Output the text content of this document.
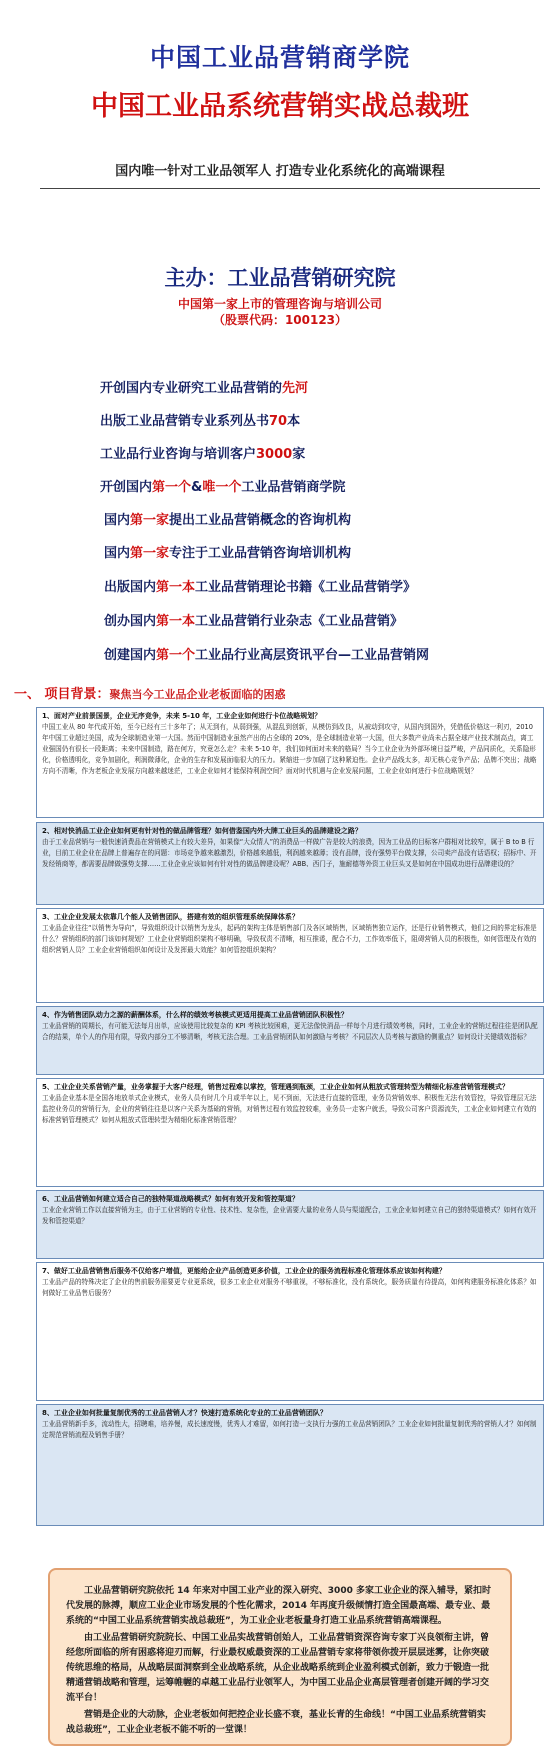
中国工业品营销商学院
中国工业品系统营销实战总裁班
国内唯一针对工业品领军人 打造专业化系统化的高端课程
主办：工业品营销研究院
中国第一家上市的管理咨询与培训公司
（股票代码：100123）
开创国内专业研究工业品营销的先河
出版工业品营销专业系列丛书70本
工业品行业咨询与培训客户3000家
开创国内第一个&唯一个工业品营销商学院
国内第一家提出工业品营销概念的咨询机构
国内第一家专注于工业品营销咨询培训机构
出版国内第一本工业品营销理论书籍《工业品营销学》
创办国内第一本工业品营销行业杂志《工业品营销》
创建国内第一个工业品行业高层资讯平台—工业品营销网
一、 项目背景：聚焦当今工业品企业老板面临的困惑
1、面对产业前景国景，企业无序竞争，未来 5-10 年，工业企业如何进行卡位战略规划？
中国工业从 80 年代成开始，至今已经有三十多年了；从无到有，从弱到强，从混乱到创新，从模仿到改良，从被动到攻守，从国内到国外，凭借低价格这一利刃，2010 年中国工业超过美国，成为全球制造业第一大国。然而中国制造业虽然产出的占全球的 20%，是全球制造业第一大国，但大多数产业尚未占据全球产业技术制高点，离工业强国仍有很长一段距离；未来中国制造，路在何方，究竟怎么走？未来 5-10 年，我们如何面对未来的格局？当今工业企业为外部环境日益严峻，产品同质化，关系隐形化，价格透明化，竞争加剧化，利润微薄化，企业的生存和发展面临很大的压力。紧缩进一步加剧了这种紧迫性。企业产品线太多，却无核心竞争产品；品牌不突出；战略方向不清晰，作为老板企业发展方向越来越迷茫，工业企业如何才能保持利润空间？面对时代机遇与企业发展问题，工业企业如何进行卡位战略规划？
2、相对快消品工业企业如何更有针对性的做品牌管理？如何借鉴国内外大牌工业巨头的品牌建设之路？
由于工业品营销与一般快速消费品在营销模式上有较大差异，如果像“大众情人”的消费品一样做广告是较大的浪费，因为工业品的目标客户群相对比较窄，属于 B to B 行业，目前工业企业在品牌上普遍存在的问题：市场竞争越来越激烈，价格越来越低，利润越来越薄；没有品牌，没有强势平台做支撑，公司卖产品没有话语权；招标中、开发经销商等，都需要品牌做强势支撑……工业企业应该如何有针对性的做品牌建设呢？ABB、西门子，施耐德等外资工业巨头又是如何在中国成功进行品牌建设的？
3、工业企业发展太依靠几个能人及销售团队，搭建有效的组织管理系统保障体系？
工业品企业往往“以销售为导向”，导致组织设计以销售为龙头，起码的架构主体是销售部门及各区域销售，区域销售独立运作，还是行业销售模式，他们之间的界定标准是什么？营销组织的部门该如何规划？工业企业营销组织架构不够明确，导致权责不清晰，相互推诿，配合不力，工作效率低下，阻碍营销人员的积极性，如何管理及有效的组织营销人员？工业企业营销组织如何设计及发挥最大效能？如何管控组织架构？
4、作为销售团队动力之源的薪酬体系，什么样的绩效考核模式更适用提高工业品营销团队积极性？
工业品营销的周期长，有可能无法每月出单，应该使用比较复杂的 KPI 考核比较困难，更无法像快消品一样每个月进行绩效考核，同时，工业企业的营销过程往往是团队配合的结果，单个人的作用有限，导致内部分工不够清晰，考核无法合理。工业品营销团队如何激励与考核？不同层次人员考核与激励的侧重点？如何设计关键绩效指标？
5、工业企业关系营销产量，业务掌握于大客户经理，销售过程难以掌控，管理遇到瓶颈，工业企业如何从粗放式管理转型为精细化标准营销管理模式？
工业品企业基本是全国各地放单式企业模式，业务人员有时几个月或半年以上，见不到面，无法进行直接的管理，业务员营销效率、积极性无法有效管控，导致管理层无法监控业务员的营销行为，企业的营销往往是以客户关系为基础的营销，对销售过程有效监控较难，业务员一走客户就丢，导致公司客户资源流失，工业企业如何建立有效的标准营销管理模式？如何从粗放式管理转型为精细化标准营销管理？
6、工业品营销如何建立适合自己的独特渠道战略模式？如何有效开发和管控渠道？
工业企业营销工作以直接营销为主，由于工业营销的专业性、技术性、复杂性，企业需要大量的业务人员与渠道配合，工业企业如何建立自己的独特渠道模式？如何有效开发和管控渠道？
7、做好工业品营销售后服务不仅给客户增值，更能给企业产品创造更多价值，工业企业的服务流程标准化管理体系应该如何构建？
工业品产品的特殊决定了企业的售前服务需要更专业更系统，很多工业企业对服务不够重视，不够标准化，没有系统化，服务质量有待提高，如何构建服务标准化体系？如何做好工业品售后服务？
8、工业企业如何批量复制优秀的工业品营销人才？快速打造系统化专业的工业品营销团队？
工业品营销新手多，流动性大，招聘难，培养慢，成长速度慢，优秀人才难留，如何打造一支执行力强的工业品营销团队？工业企业如何批量复制优秀的营销人才？如何制定规范营销流程及销售手册？

工业品营销研究院依托 14 年来对中国工业产业的深入研究、3000 多家工业企业的深入辅导，紧扣时代发展的脉搏，顺应工业企业市场发展的个性化需求，2014 年再度升级倾情打造全国最高端、最专业、最系统的“中国工业品系统营销实战总裁班”，为工业企业老板量身打造工业品系统营销高端课程。

由工业品营销研究院院长、中国工业品实战营销创始人，工业品营销资深咨询专家丁兴良领衔主讲，曾经您所面临的所有困惑将迎刃而解，行业最权威最资深的工业品营销专家将带领你拨开层层迷雾，让你突破传统思维的格局，从战略层面洞察到全业战略系统，从企业战略系统到企业盈利模式创新，致力于锻造一批精通营销战略和管理，运筹帷幄的卓越工业品行业领军人，为中国工业品企业高层管理者创建开阔的学习交流平台！

营销是企业的大动脉，企业老板如何把控企业长盛不衰，基业长青的生命线！“中国工业品系统营销实战总裁班”，工业企业老板不能不听的一堂课！
